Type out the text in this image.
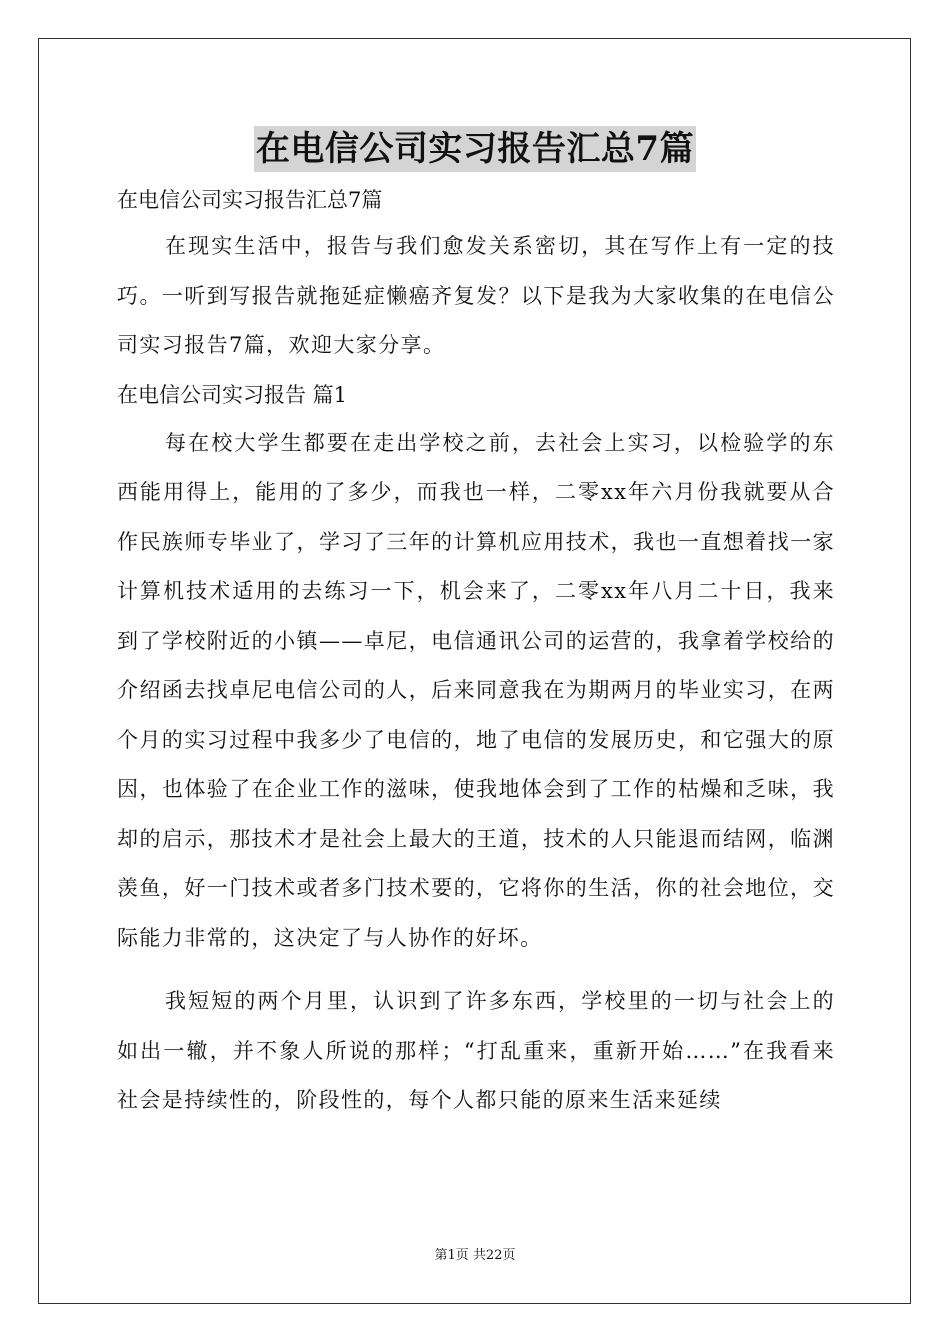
在电信公司实习报告汇总7篇

在电信公司实习报告汇总7篇

在现实生活中，报告与我们愈发关系密切，其在写作上有一定的技巧。一听到写报告就拖延症懒癌齐复发？以下是我为大家收集的在电信公司实习报告7篇，欢迎大家分享。

在电信公司实习报告 篇1

每在校大学生都要在走出学校之前，去社会上实习，以检验学的东西能用得上，能用的了多少，而我也一样，二零xx年六月份我就要从合作民族师专毕业了，学习了三年的计算机应用技术，我也一直想着找一家计算机技术适用的去练习一下，机会来了，二零xx年八月二十日，我来到了学校附近的小镇——卓尼，电信通讯公司的运营的，我拿着学校给的介绍函去找卓尼电信公司的人，后来同意我在为期两月的毕业实习，在两个月的实习过程中我多少了电信的，地了电信的发展历史，和它强大的原因，也体验了在企业工作的滋味，使我地体会到了工作的枯燥和乏味，我却的启示，那技术才是社会上最大的王道，技术的人只能退而结网，临渊羡鱼，好一门技术或者多门技术要的，它将你的生活，你的社会地位，交际能力非常的，这决定了与人协作的好坏。

我短短的两个月里，认识到了许多东西，学校里的一切与社会上的如出一辙，并不象人所说的那样；“打乱重来，重新开始……”在我看来社会是持续性的，阶段性的，每个人都只能的原来生活来延续

第1页 共22页
